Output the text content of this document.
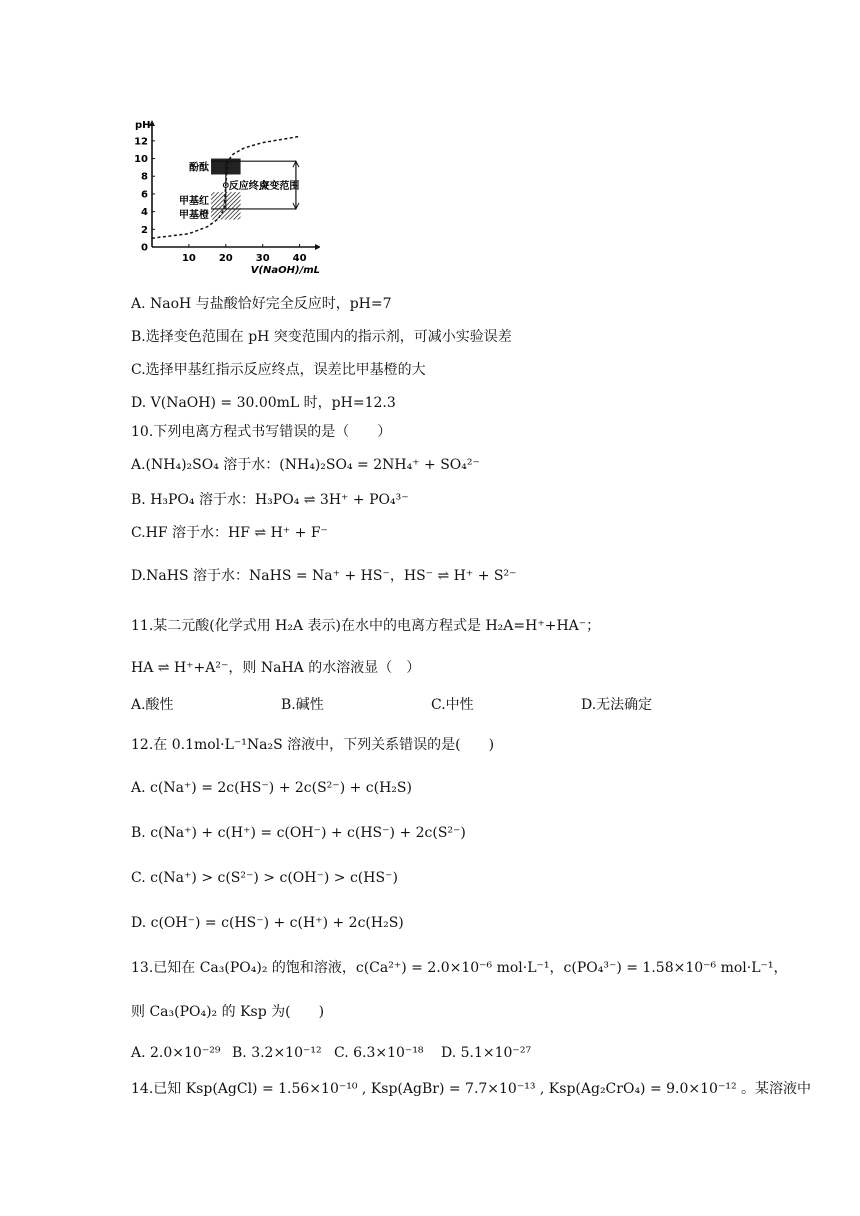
12
10
8
6
4
2
0
10 20 30 40
pH
V(NaOH)/mL
酚酞
甲基红
甲基橙
反应终点
突变范围
A. NaoH 与盐酸恰好完全反应时，pH=7
B.选择变色范围在 pH 突变范围内的指示剂，可减小实验误差
C.选择甲基红指示反应终点，误差比甲基橙的大
D. V(NaOH) = 30.00mL 时，pH=12.3
10.下列电离方程式书写错误的是（　　）
A.(NH₄)₂SO₄ 溶于水：(NH₄)₂SO₄ = 2NH₄⁺ + SO₄²⁻
B. H₃PO₄ 溶于水：H₃PO₄ ⇌ 3H⁺ + PO₄³⁻
C.HF 溶于水：HF ⇌ H⁺ + F⁻
D.NaHS 溶于水：NaHS = Na⁺ + HS⁻，HS⁻ ⇌ H⁺ + S²⁻
11.某二元酸(化学式用 H₂A 表示)在水中的电离方程式是 H₂A=H⁺+HA⁻；
HA ⇌ H⁺+A²⁻，则 NaHA 的水溶液显（　）
A.酸性	B.碱性	C.中性	D.无法确定
12.在 0.1mol·L⁻¹Na₂S 溶液中，下列关系错误的是(　　)
A. c(Na⁺) = 2c(HS⁻) + 2c(S²⁻) + c(H₂S)
B. c(Na⁺) + c(H⁺) = c(OH⁻) + c(HS⁻) + 2c(S²⁻)
C. c(Na⁺) > c(S²⁻) > c(OH⁻) > c(HS⁻)
D. c(OH⁻) = c(HS⁻) + c(H⁺) + 2c(H₂S)
13.已知在 Ca₃(PO₄)₂ 的饱和溶液，c(Ca²⁺) = 2.0×10⁻⁶ mol·L⁻¹，c(PO₄³⁻) = 1.58×10⁻⁶ mol·L⁻¹，
则 Ca₃(PO₄)₂ 的 Ksp 为(　　)
A. 2.0×10⁻²⁹ B. 3.2×10⁻¹² C. 6.3×10⁻¹⁸ D. 5.1×10⁻²⁷
14.已知 Ksp(AgCl) = 1.56×10⁻¹⁰ , Ksp(AgBr) = 7.7×10⁻¹³ , Ksp(Ag₂CrO₄) = 9.0×10⁻¹² 。某溶液中
